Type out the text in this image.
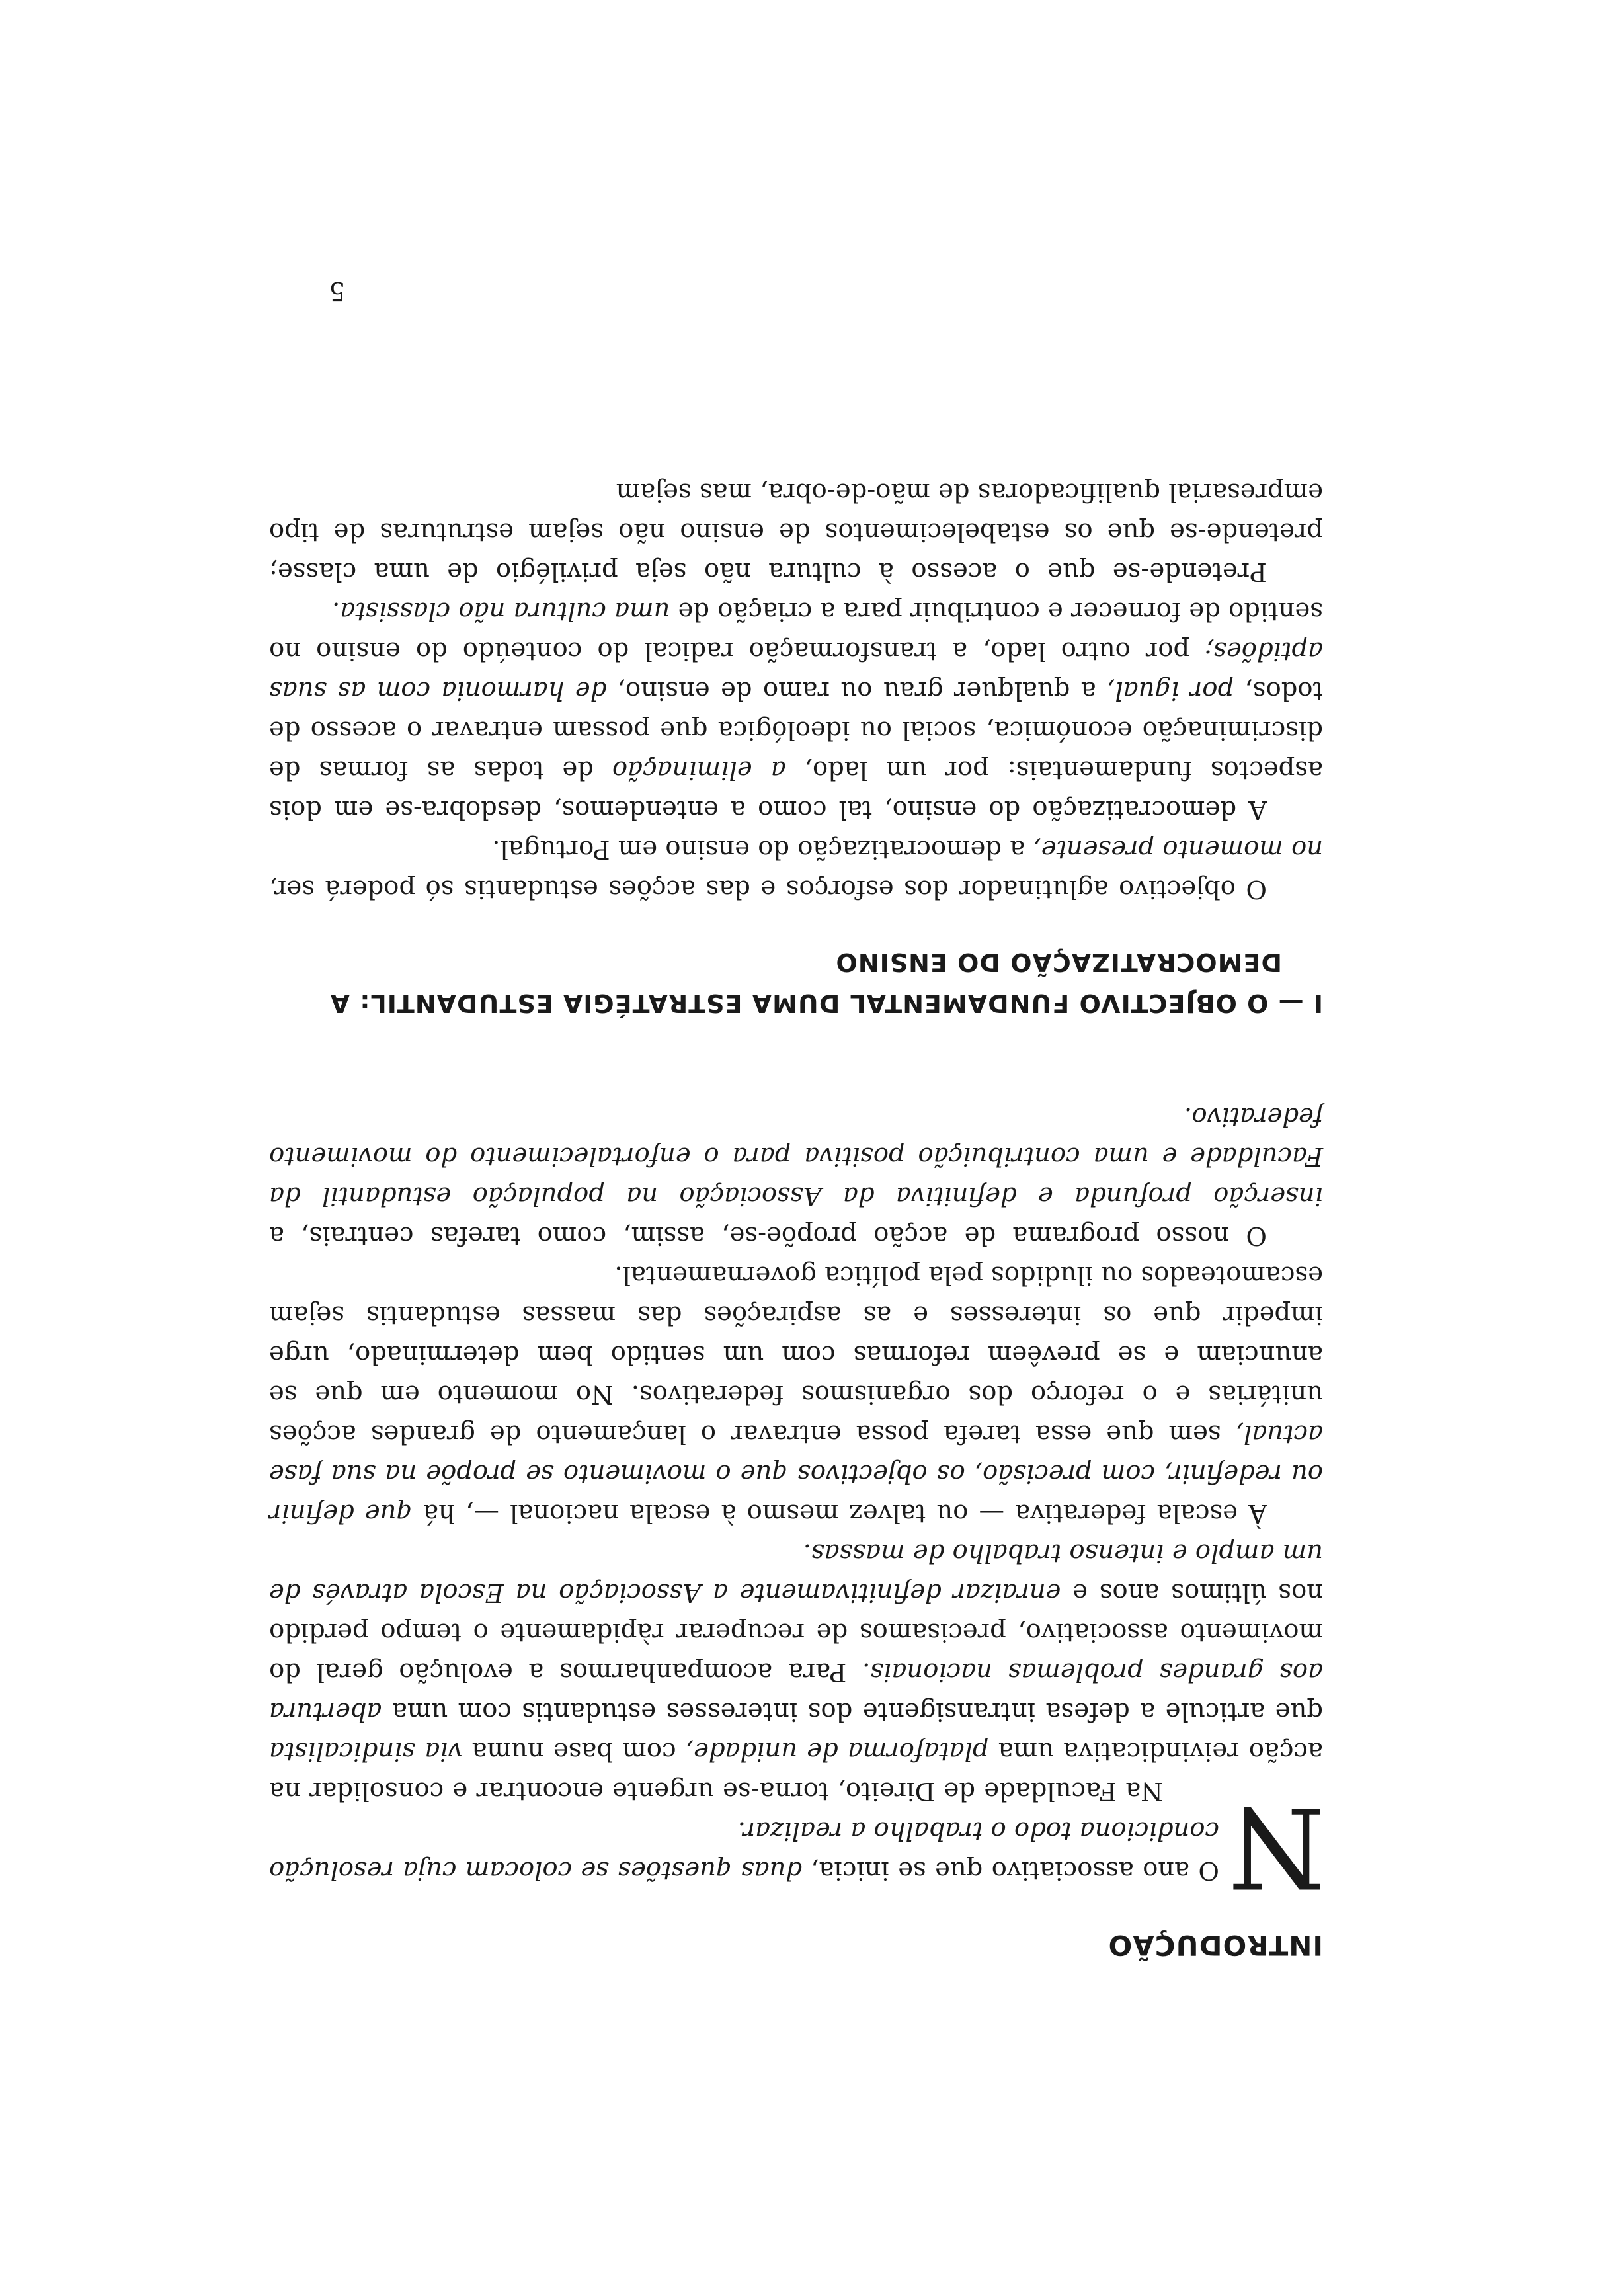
INTRODUÇÃO

N
O ano associativo que se inicia, duas questões se colocam cuja resolução condiciona todo o trabalho a realizar.

Na Faculdade de Direito, torna-se urgente encontrar e consolidar na acção reivindicativa uma plataforma de unidade, com base numa via sindicalista que articule a defesa intransigente dos interesses estudantis com uma abertura aos grandes problemas nacionais. Para acompanharmos a evolução geral do movimento associativo, precisamos de recuperar ràpidamente o tempo perdido nos últimos anos e enraizar definitivamente a Associação na Escola através de um amplo e intenso trabalho de massas.

À escala federativa — ou talvez mesmo à escala nacional —, há que definir ou redefinir, com precisão, os objectivos que o movimento se propõe na sua fase actual, sem que essa tarefa possa entravar o lançamento de grandes acções unitárias e o reforço dos organismos federativos. No momento em que se anunciam e se prevêem reformas com um sentido bem determinado, urge impedir que os interesses e as aspirações das massas estudantis sejam escamoteados ou iludidos pela política governamental.

O nosso programa de acção propõe-se, assim, como tarefas centrais, a inserção profunda e definitiva da Associação na população estudantil da Faculdade e uma contribuição positiva para o enfortalecimento do movimento federativo.

I — O OBJECTIVO FUNDAMENTAL DUMA ESTRATÉGIA ESTUDANTIL: A DEMOCRATIZAÇÃO DO ENSINO

O objectivo aglutinador dos esforços e das acções estudantis só poderá ser, no momento presente, a democratização do ensino em Portugal.

A democratização do ensino, tal como a entendemos, desdobra-se em dois aspectos fundamentais: por um lado, a eliminação de todas as formas de discriminação económica, social ou ideológica que possam entravar o acesso de todos, por igual, a qualquer grau ou ramo de ensino, de harmonia com as suas aptidões; por outro lado, a transformação radical do conteúdo do ensino no sentido de fornecer e contribuir para a criação de uma cultura não classista.

Pretende-se que o acesso à cultura não seja privilégio de uma classe; pretende-se que os estabelecimentos de ensino não sejam estruturas de tipo empresarial qualificadoras de mão-de-obra, mas sejam

5
